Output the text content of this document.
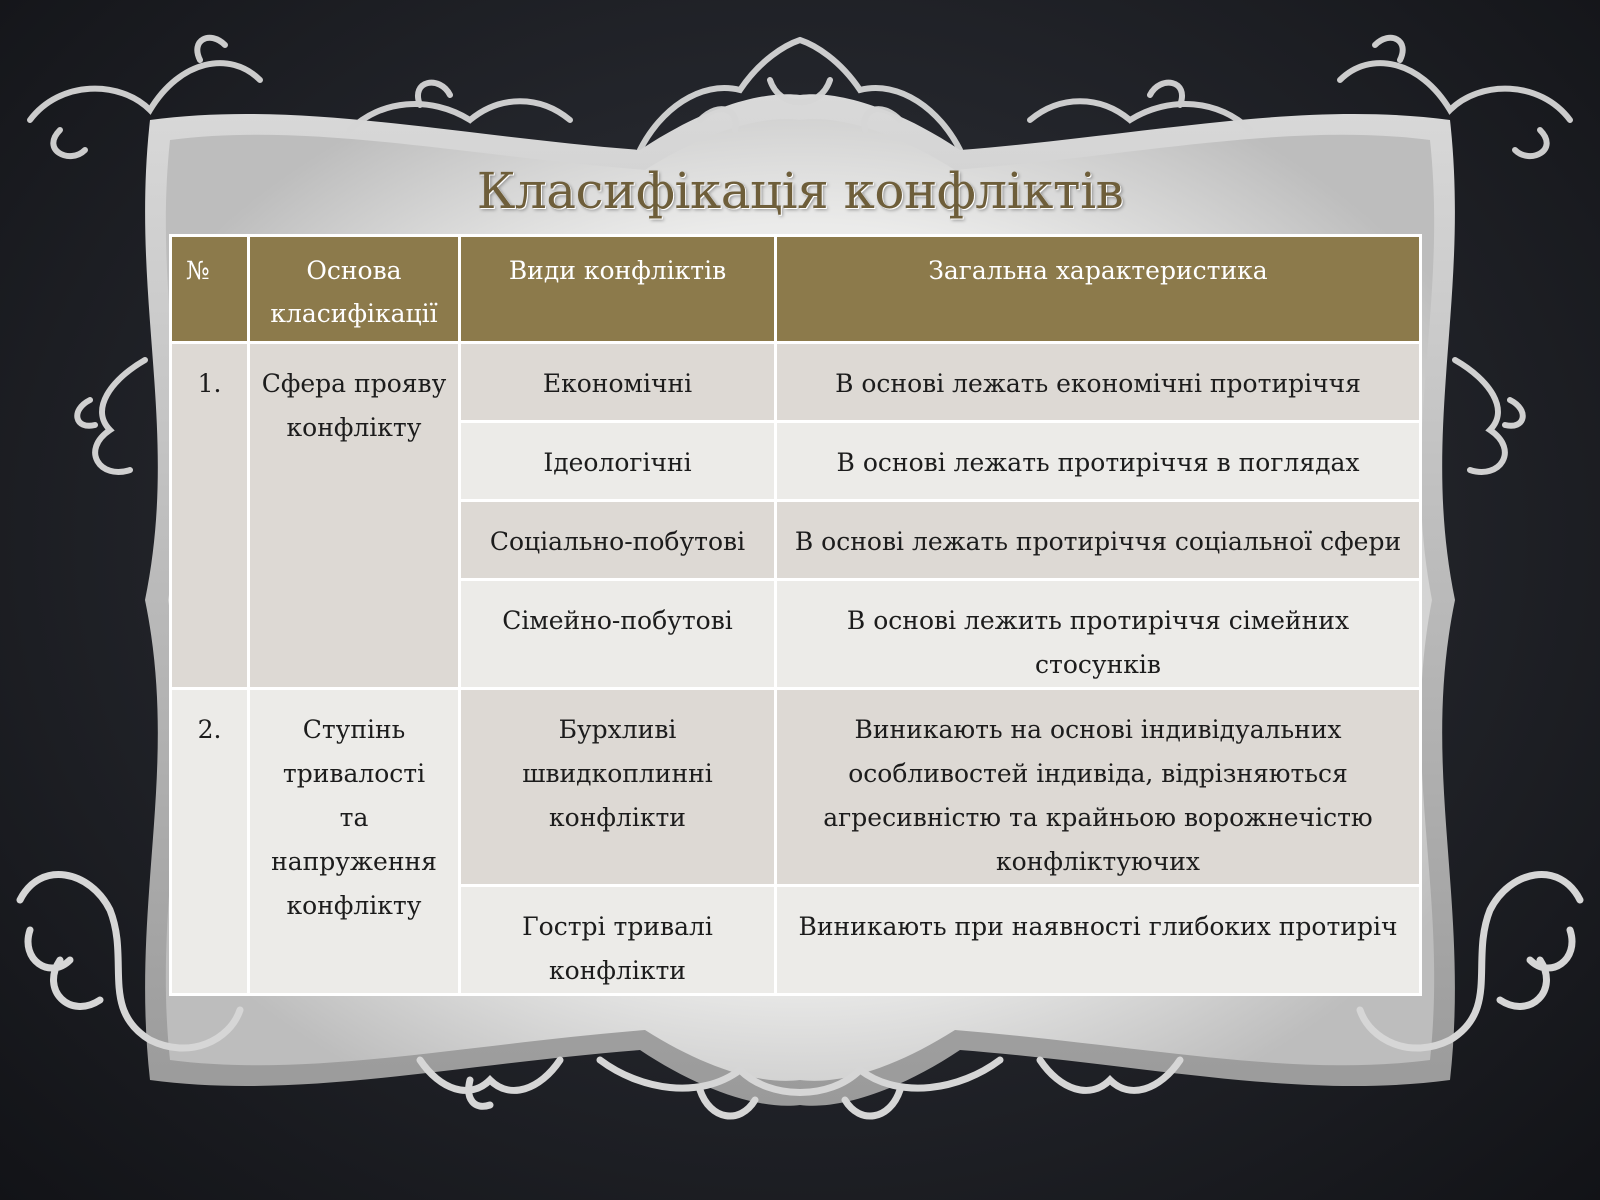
Класифікація конфліктів
№	Основа класифікації	Види конфліктів	Загальна характеристика
1.	Сфера прояву конфлікту	Економічні	В основі лежать економічні протиріччя
		Ідеологічні	В основі лежать протиріччя в поглядах
		Соціально-побутові	В основі лежать протиріччя соціальної сфери
		Сімейно-побутові	В основі лежить протиріччя сімейних стосунків
2.	Ступінь тривалості та напруження конфлікту	Бурхливі швидкоплинні конфлікти	Виникають на основі індивідуальних особливостей індивіда, відрізняються агресивністю та крайньою ворожнечістю конфліктуючих
		Гострі тривалі конфлікти	Виникають при наявності глибоких протиріч
